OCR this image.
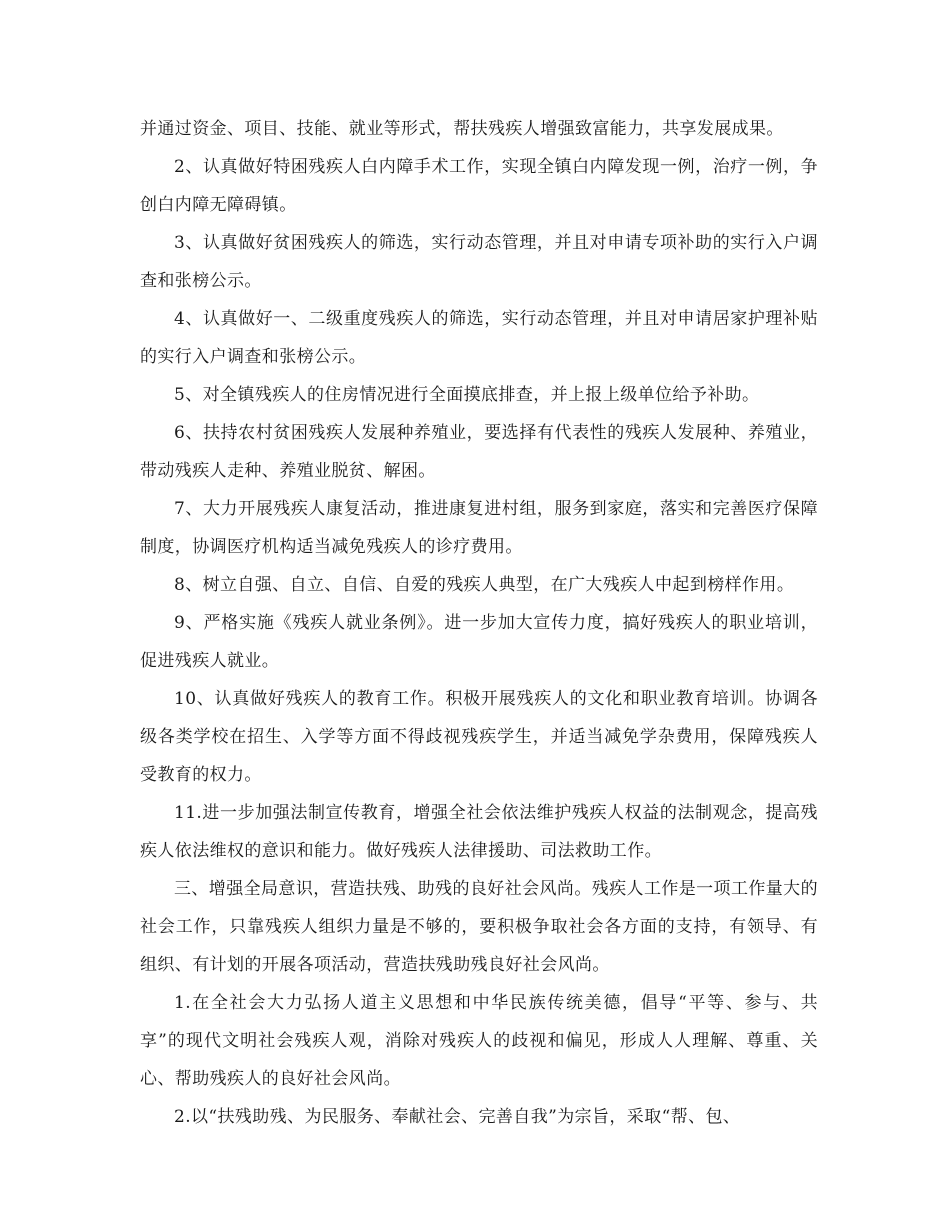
并通过资金、项目、技能、就业等形式，帮扶残疾人增强致富能力，共享发展成果。

2、认真做好特困残疾人白内障手术工作，实现全镇白内障发现一例，治疗一例，争创白内障无障碍镇。

3、认真做好贫困残疾人的筛选，实行动态管理，并且对申请专项补助的实行入户调查和张榜公示。

4、认真做好一、二级重度残疾人的筛选，实行动态管理，并且对申请居家护理补贴的实行入户调查和张榜公示。

5、对全镇残疾人的住房情况进行全面摸底排查，并上报上级单位给予补助。

6、扶持农村贫困残疾人发展种养殖业，要选择有代表性的残疾人发展种、养殖业，带动残疾人走种、养殖业脱贫、解困。

7、大力开展残疾人康复活动，推进康复进村组，服务到家庭，落实和完善医疗保障制度，协调医疗机构适当减免残疾人的诊疗费用。

8、树立自强、自立、自信、自爱的残疾人典型，在广大残疾人中起到榜样作用。

9、严格实施《残疾人就业条例》。进一步加大宣传力度，搞好残疾人的职业培训，促进残疾人就业。

10、认真做好残疾人的教育工作。积极开展残疾人的文化和职业教育培训。协调各级各类学校在招生、入学等方面不得歧视残疾学生，并适当减免学杂费用，保障残疾人受教育的权力。

11.进一步加强法制宣传教育，增强全社会依法维护残疾人权益的法制观念，提高残疾人依法维权的意识和能力。做好残疾人法律援助、司法救助工作。

三、增强全局意识，营造扶残、助残的良好社会风尚。残疾人工作是一项工作量大的社会工作，只靠残疾人组织力量是不够的，要积极争取社会各方面的支持，有领导、有组织、有计划的开展各项活动，营造扶残助残良好社会风尚。

1.在全社会大力弘扬人道主义思想和中华民族传统美德，倡导“平等、参与、共享”的现代文明社会残疾人观，消除对残疾人的歧视和偏见，形成人人理解、尊重、关心、帮助残疾人的良好社会风尚。

2.以“扶残助残、为民服务、奉献社会、完善自我”为宗旨，采取“帮、包、
